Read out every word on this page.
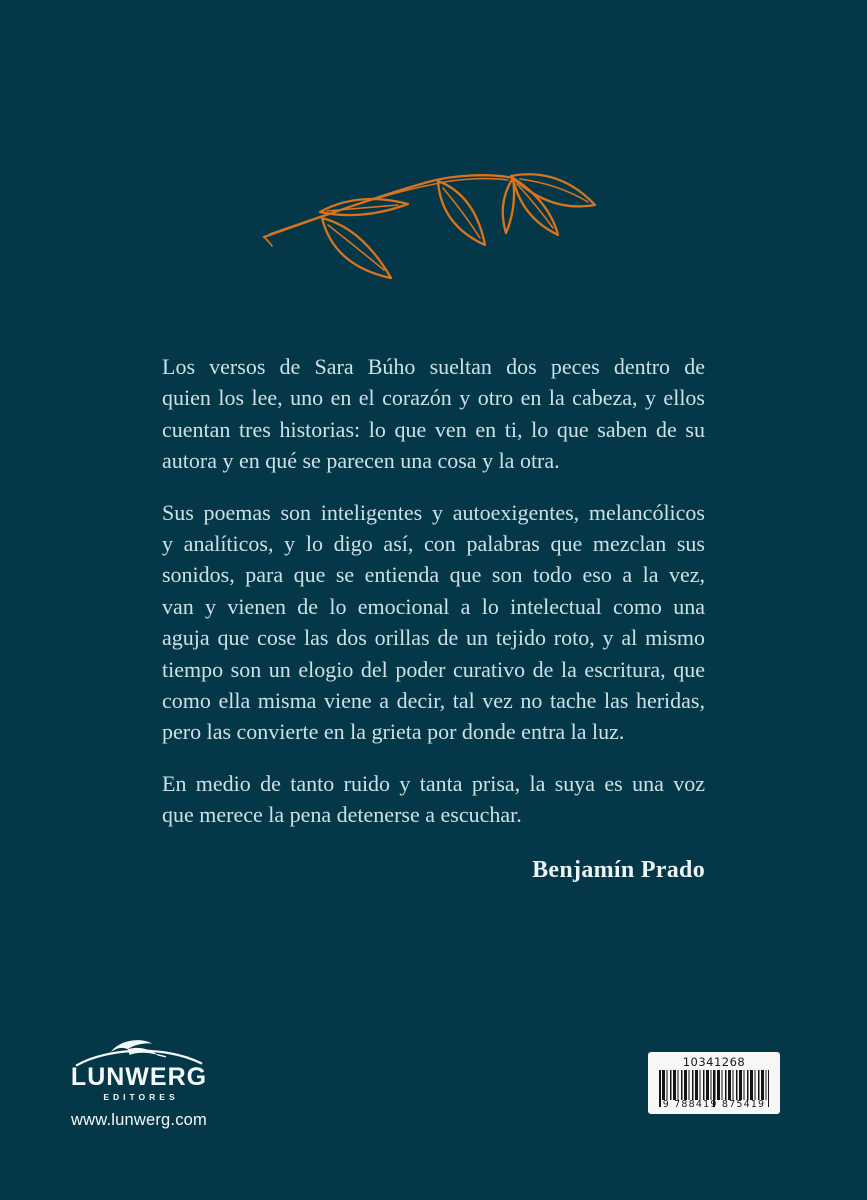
Los versos de Sara Búho sueltan dos peces dentro de
quien los lee, uno en el corazón y otro en la cabeza, y ellos
cuentan tres historias: lo que ven en ti, lo que saben de su
autora y en qué se parecen una cosa y la otra.
Sus poemas son inteligentes y autoexigentes, melancólicos
y analíticos, y lo digo así, con palabras que mezclan sus
sonidos, para que se entienda que son todo eso a la vez,
van y vienen de lo emocional a lo intelectual como una
aguja que cose las dos orillas de un tejido roto, y al mismo
tiempo son un elogio del poder curativo de la escritura, que
como ella misma viene a decir, tal vez no tache las heridas,
pero las convierte en la grieta por donde entra la luz.
En medio de tanto ruido y tanta prisa, la suya es una voz
que merece la pena detenerse a escuchar.
Benjamín Prado
LUNWERG
EDITORES
www.lunwerg.com
10341268
9 788419 875419
